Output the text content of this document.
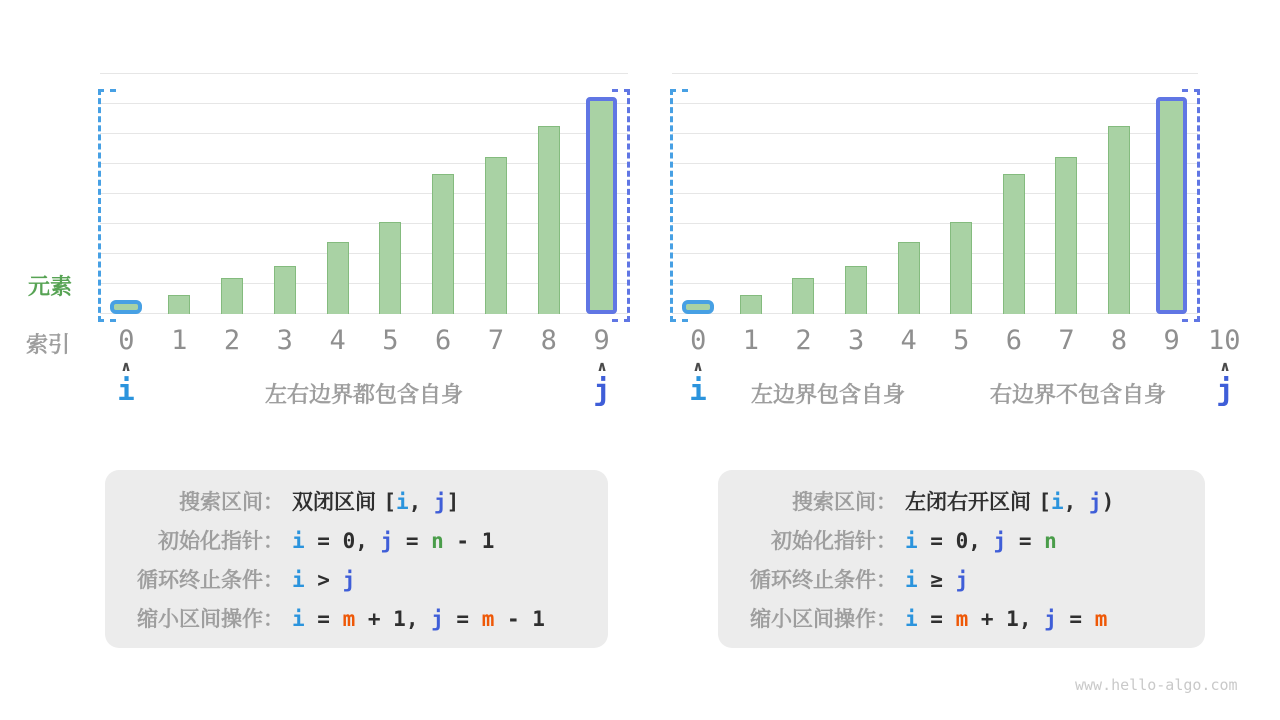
元素
索引	0	1	2	3	4	5	6	7	8	9
∧	∧
i	j
左右边界都包含自身
0	1	2	3	4	5	6	7	8	9	10
∧	∧
i	j
左边界包含自身	右边界不包含自身
搜索区间： 双闭区间 [i, j]
初始化指针： i = 0, j = n - 1
循环终止条件： i > j
缩小区间操作： i = m + 1, j = m - 1
搜索区间： 左闭右开区间 [i, j)
初始化指针： i = 0, j = n
循环终止条件： i ≥ j
缩小区间操作： i = m + 1, j = m
www.hello-algo.com
